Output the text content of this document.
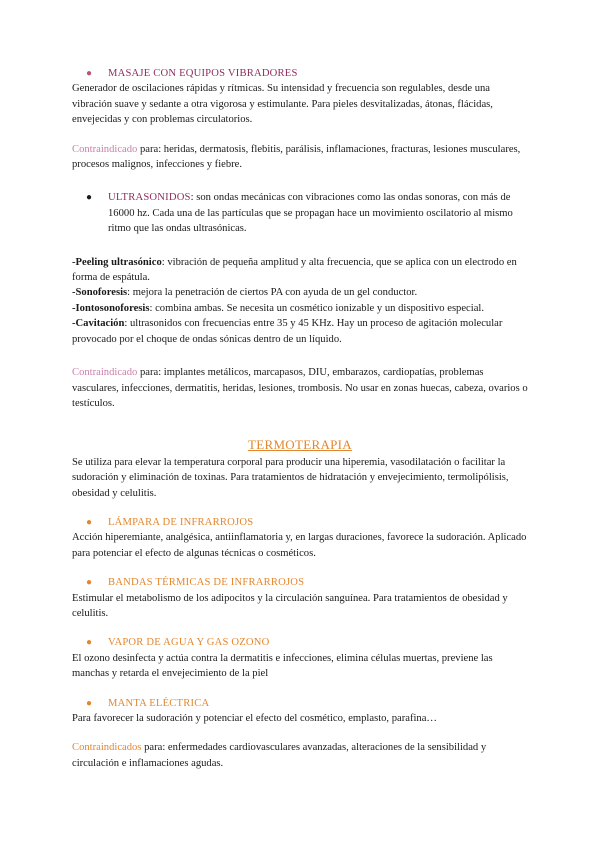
●	MASAJE CON EQUIPOS VIBRADORES

Generador de oscilaciones rápidas y rítmicas. Su intensidad y frecuencia son regulables, desde una vibración suave y sedante a otra vigorosa y estimulante. Para pieles desvitalizadas, átonas, flácidas, envejecidas y con problemas circulatorios.

Contraindicado para: heridas, dermatosis, flebitis, parálisis, inflamaciones, fracturas, lesiones musculares, procesos malignos, infecciones y fiebre.

●	ULTRASONIDOS: son ondas mecánicas con vibraciones como las ondas sonoras, con más de 16000 hz. Cada una de las partículas que se propagan hace un movimiento oscilatorio al mismo ritmo que las ondas ultrasónicas.

-Peeling ultrasónico: vibración de pequeña amplitud y alta frecuencia, que se aplica con un electrodo en forma de espátula.

-Sonoforesis: mejora la penetración de ciertos PA con ayuda de un gel conductor.

-Iontosonoforesis: combina ambas. Se necesita un cosmético ionizable y un dispositivo especial.

-Cavitación: ultrasonidos con frecuencias entre 35 y 45 KHz. Hay un proceso de agitación molecular provocado por el choque de ondas sónicas dentro de un líquido.

Contraindicado para: implantes metálicos, marcapasos, DIU, embarazos, cardiopatías, problemas vasculares, infecciones, dermatitis, heridas, lesiones, trombosis. No usar en zonas huecas, cabeza, ovarios o testículos.

TERMOTERAPIA

Se utiliza para elevar la temperatura corporal para producir una hiperemia, vasodilatación o facilitar la sudoración y eliminación de toxinas. Para tratamientos de hidratación y envejecimiento, termolipólisis, obesidad y celulitis.

●	LÁMPARA DE INFRARROJOS

Acción hiperemiante, analgésica, antiinflamatoria y, en largas duraciones, favorece la sudoración. Aplicado para potenciar el efecto de algunas técnicas o cosméticos.

●	BANDAS TÉRMICAS DE INFRARROJOS

Estimular el metabolismo de los adipocitos y la circulación sanguínea. Para tratamientos de obesidad y celulitis.

●	VAPOR DE AGUA Y GAS OZONO

El ozono desinfecta y actúa contra la dermatitis e infecciones, elimina células muertas, previene las manchas y retarda el envejecimiento de la piel

●	MANTA ELÉCTRICA

Para favorecer la sudoración y potenciar el efecto del cosmético, emplasto, parafina…

Contraindicados para: enfermedades cardiovasculares avanzadas, alteraciones de la sensibilidad y circulación e inflamaciones agudas.
